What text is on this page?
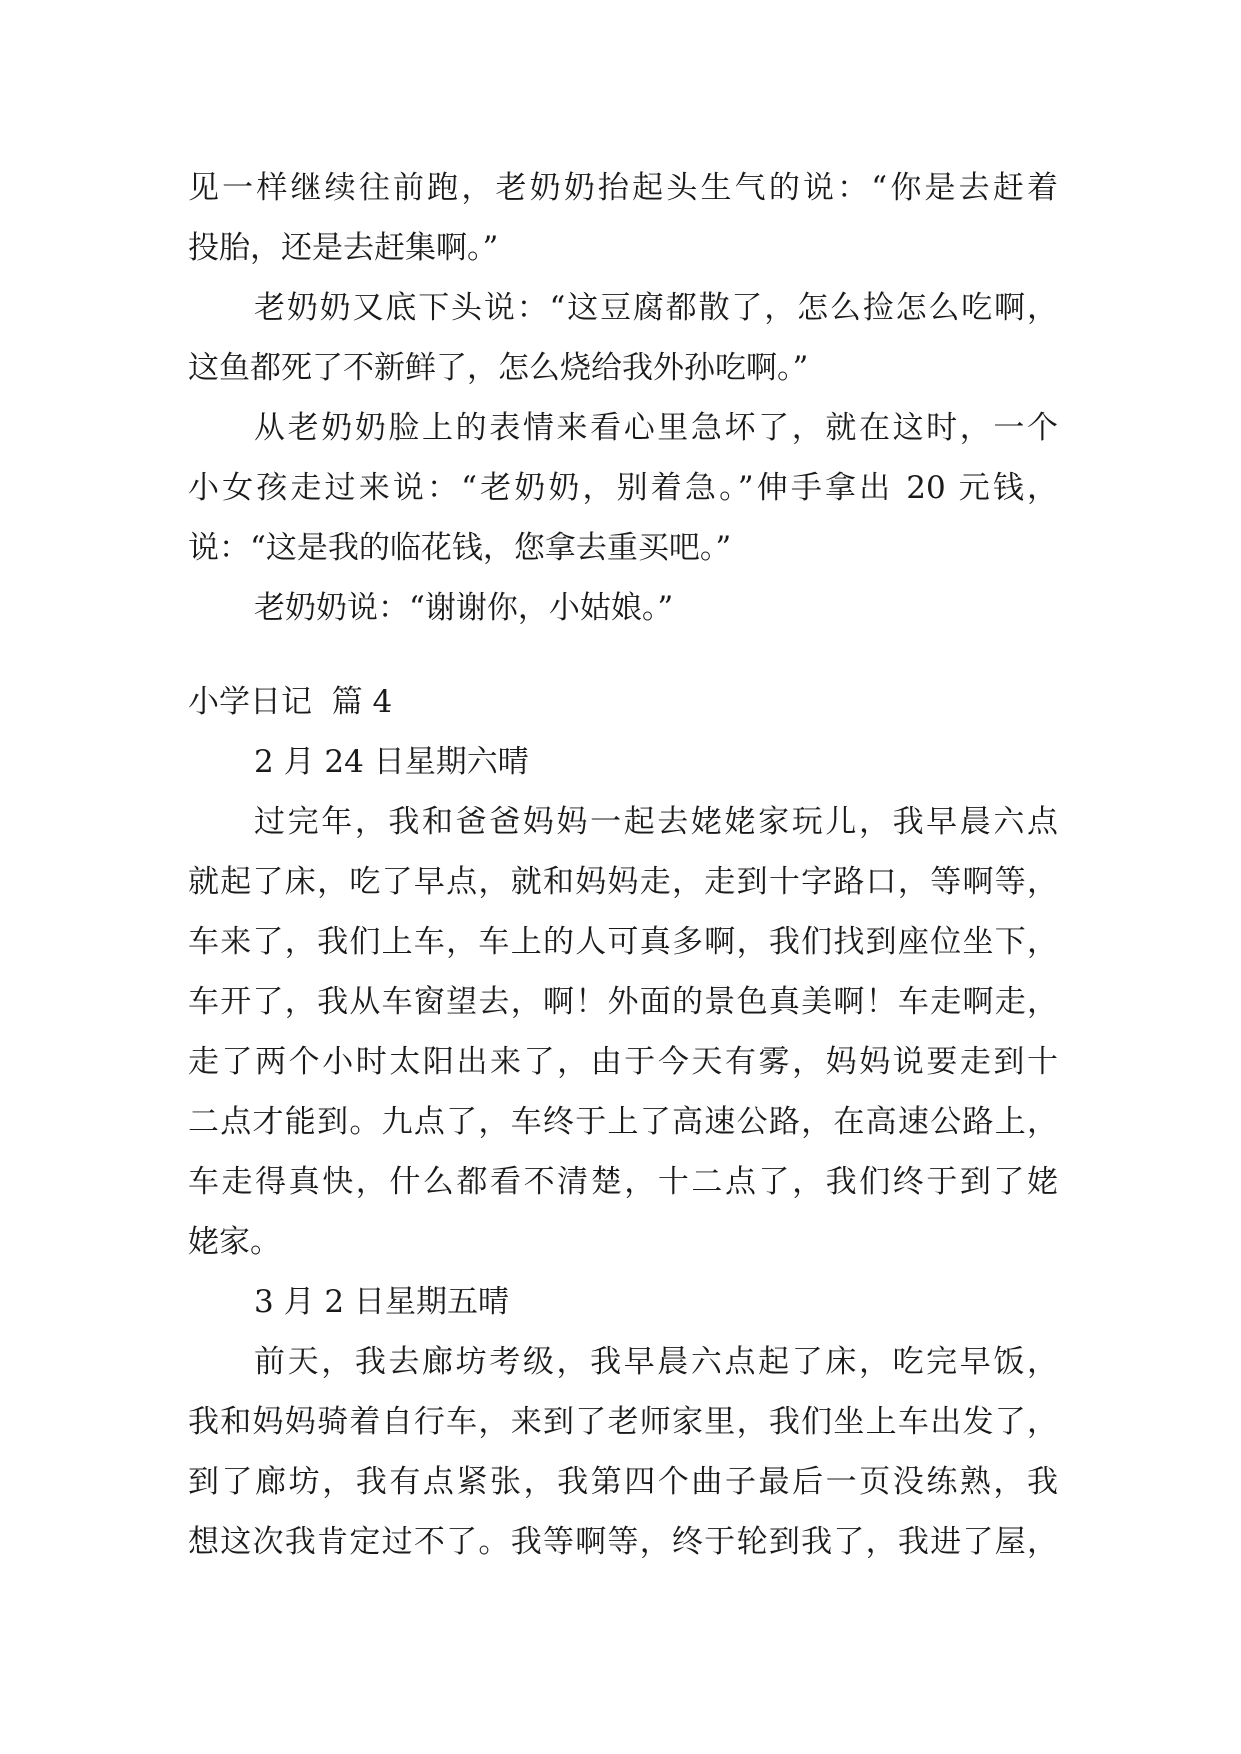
见一样继续往前跑，老奶奶抬起头生气的说：“你是去赶着
投胎，还是去赶集啊。”
老奶奶又底下头说：“这豆腐都散了，怎么捡怎么吃啊，
这鱼都死了不新鲜了，怎么烧给我外孙吃啊。”
从老奶奶脸上的表情来看心里急坏了，就在这时，一个
小女孩走过来说：“老奶奶，别着急。”伸手拿出 20 元钱，
说：“这是我的临花钱，您拿去重买吧。”
老奶奶说：“谢谢你，小姑娘。”
小学日记  篇 4
2 月 24 日星期六晴
过完年，我和爸爸妈妈一起去姥姥家玩儿，我早晨六点
就起了床，吃了早点，就和妈妈走，走到十字路口，等啊等，
车来了，我们上车，车上的人可真多啊，我们找到座位坐下，
车开了，我从车窗望去，啊！外面的景色真美啊！车走啊走，
走了两个小时太阳出来了，由于今天有雾，妈妈说要走到十
二点才能到。九点了，车终于上了高速公路，在高速公路上，
车走得真快，什么都看不清楚，十二点了，我们终于到了姥
姥家。
3 月 2 日星期五晴
前天，我去廊坊考级，我早晨六点起了床，吃完早饭，
我和妈妈骑着自行车，来到了老师家里，我们坐上车出发了，
到了廊坊，我有点紧张，我第四个曲子最后一页没练熟，我
想这次我肯定过不了。我等啊等，终于轮到我了，我进了屋，
